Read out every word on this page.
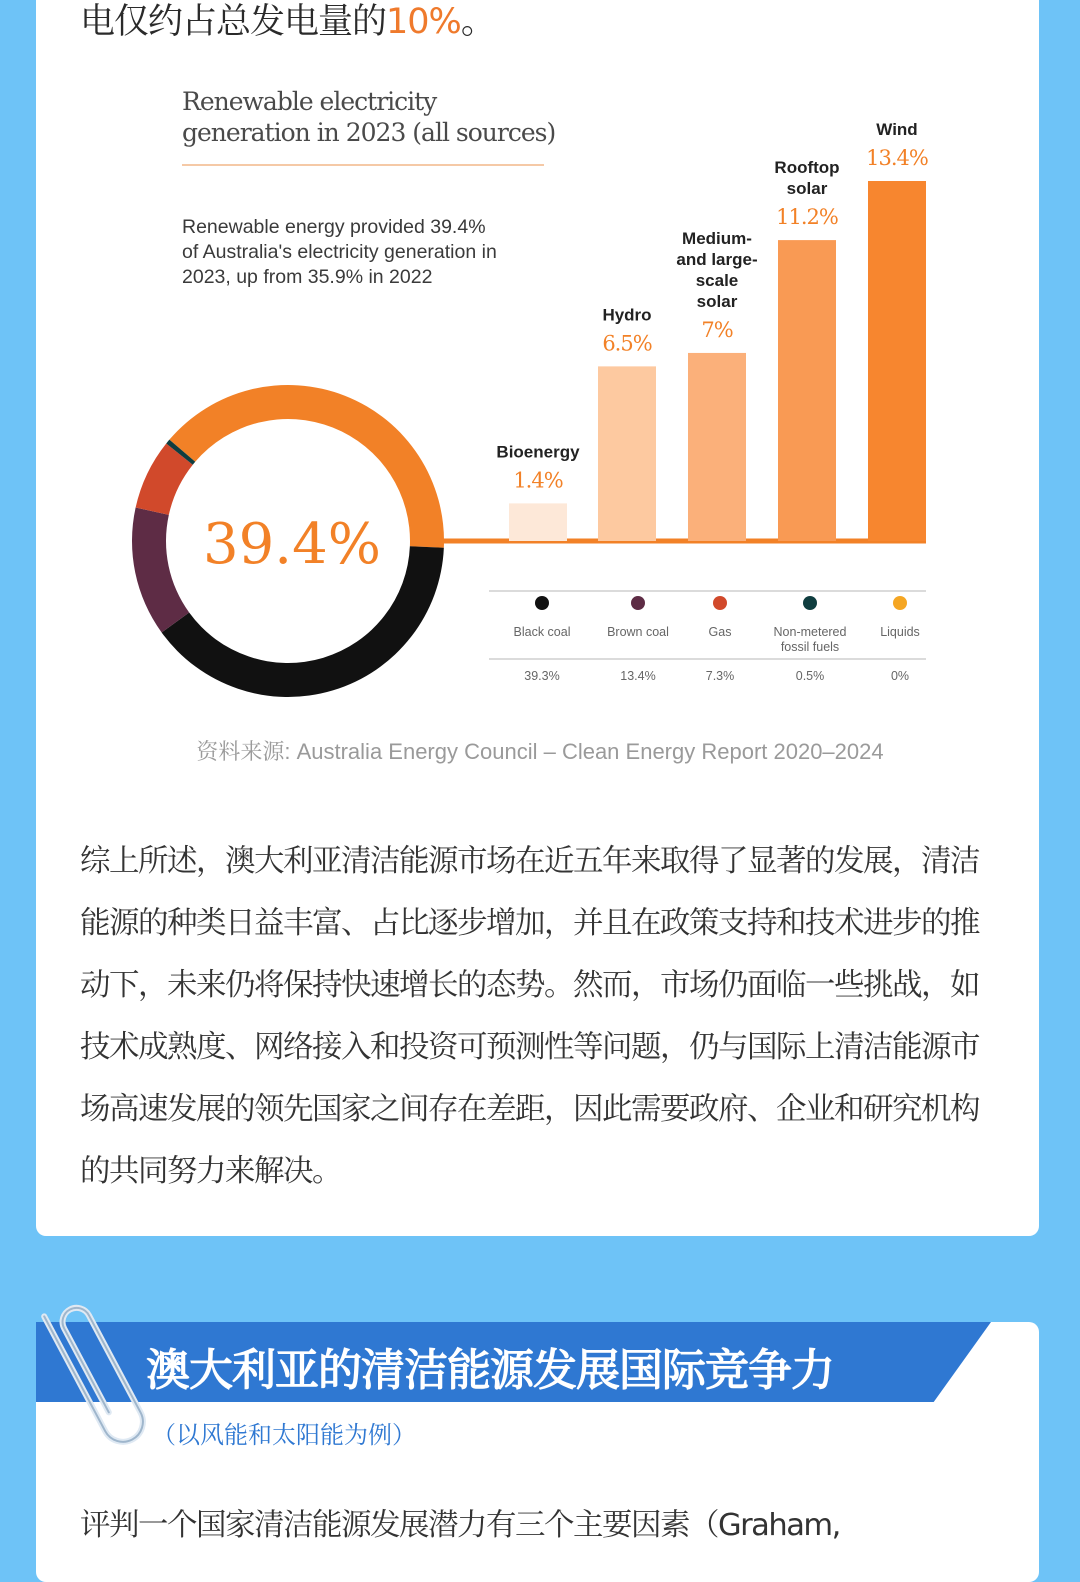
电仅约占总发电量的10%。
Renewable electricity generation in 2023 (all sources)
Renewable energy provided 39.4% of Australia's electricity generation in 2023, up from 35.9% in 2022
39.4%
1.4%
Bioenergy
6.5%
Hydro
7%
Medium-
and large-
scale
solar
11.2%
Rooftop
solar
13.4%
Wind
Black coal
39.3%
Brown coal
13.4%
Gas
7.3%
Non-metered
fossil fuels
0.5%
Liquids
0%
资料来源: Australia Energy Council – Clean Energy Report 2020–2024
综上所述，澳大利亚清洁能源市场在近五年来取得了显著的发展，清洁能源的种类日益丰富、占比逐步增加，并且在政策支持和技术进步的推动下，未来仍将保持快速增长的态势。然而，市场仍面临一些挑战，如技术成熟度、网络接入和投资可预测性等问题，仍与国际上清洁能源市场高速发展的领先国家之间存在差距，因此需要政府、企业和研究机构的共同努力来解决。
澳大利亚的清洁能源发展国际竞争力
（以风能和太阳能为例）
评判一个国家清洁能源发展潜力有三个主要因素（Graham,
